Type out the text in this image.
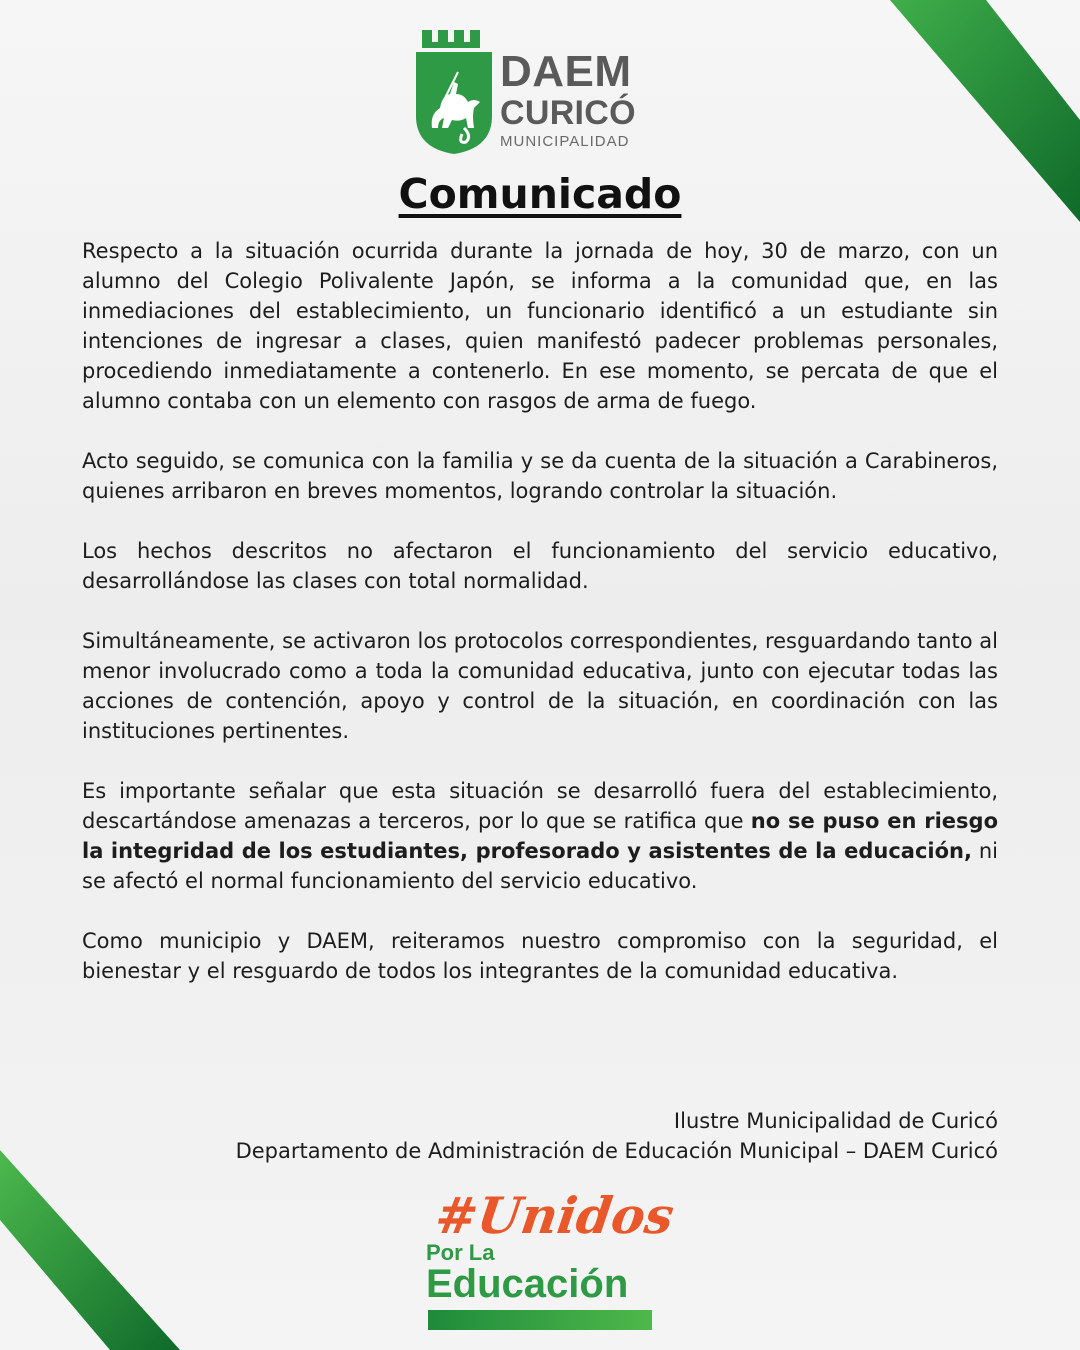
DAEM
CURICÓ
MUNICIPALIDAD
Comunicado

Respecto a la situación ocurrida durante la jornada de hoy, 30 de marzo, con un alumno del Colegio Polivalente Japón, se informa a la comunidad que, en las inmediaciones del establecimiento, un funcionario identificó a un estudiante sin intenciones de ingresar a clases, quien manifestó padecer problemas personales, procediendo inmediatamente a contenerlo. En ese momento, se percata de que el alumno contaba con un elemento con rasgos de arma de fuego.

Acto seguido, se comunica con la familia y se da cuenta de la situación a Carabineros, quienes arribaron en breves momentos, logrando controlar la situación.

Los hechos descritos no afectaron el funcionamiento del servicio educativo, desarrollándose las clases con total normalidad.

Simultáneamente, se activaron los protocolos correspondientes, resguardando tanto al menor involucrado como a toda la comunidad educativa, junto con ejecutar todas las acciones de contención, apoyo y control de la situación, en coordinación con las instituciones pertinentes.

Es importante señalar que esta situación se desarrolló fuera del establecimiento, descartándose amenazas a terceros, por lo que se ratifica que no se puso en riesgo la integridad de los estudiantes, profesorado y asistentes de la educación, ni se afectó el normal funcionamiento del servicio educativo.

Como municipio y DAEM, reiteramos nuestro compromiso con la seguridad, el bienestar y el resguardo de todos los integrantes de la comunidad educativa.

Ilustre Municipalidad de Curicó
Departamento de Administración de Educación Municipal – DAEM Curicó
#Unidos
Por La
Educación
